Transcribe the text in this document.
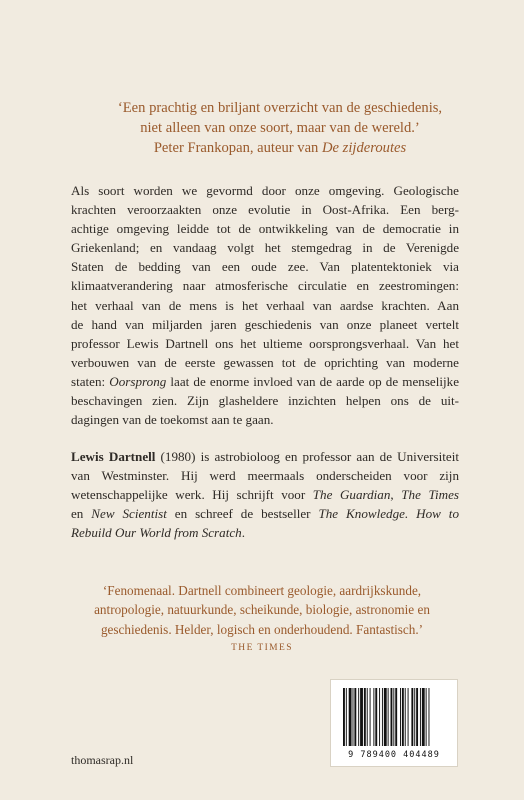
‘Een prachtig en briljant overzicht van de geschiedenis,
niet alleen van onze soort, maar van de wereld.’
Peter Frankopan, auteur van De zijderoutes
Als soort worden we gevormd door onze omgeving. Geologische
krachten veroorzaakten onze evolutie in Oost-Afrika. Een berg-
achtige omgeving leidde tot de ontwikkeling van de democratie in
Griekenland; en vandaag volgt het stemgedrag in de Verenigde
Staten de bedding van een oude zee. Van platentektoniek via
klimaatverandering naar atmosferische circulatie en zeestromingen:
het verhaal van de mens is het verhaal van aardse krachten. Aan
de hand van miljarden jaren geschiedenis van onze planeet vertelt
professor Lewis Dartnell ons het ultieme oorsprongsverhaal. Van het
verbouwen van de eerste gewassen tot de oprichting van moderne
staten: Oorsprong laat de enorme invloed van de aarde op de menselijke
beschavingen zien. Zijn glasheldere inzichten helpen ons de uit-
dagingen van de toekomst aan te gaan.
Lewis Dartnell (1980) is astrobioloog en professor aan de Universiteit
van Westminster. Hij werd meermaals onderscheiden voor zijn
wetenschappelijke werk. Hij schrijft voor The Guardian, The Times
en New Scientist en schreef de bestseller The Knowledge. How to
Rebuild Our World from Scratch.
‘Fenomenaal. Dartnell combineert geologie, aardrijkskunde,
antropologie, natuurkunde, scheikunde, biologie, astronomie en
geschiedenis. Helder, logisch en onderhoudend. Fantastisch.’
THE TIMES
thomasrap.nl	9 789400 404489
